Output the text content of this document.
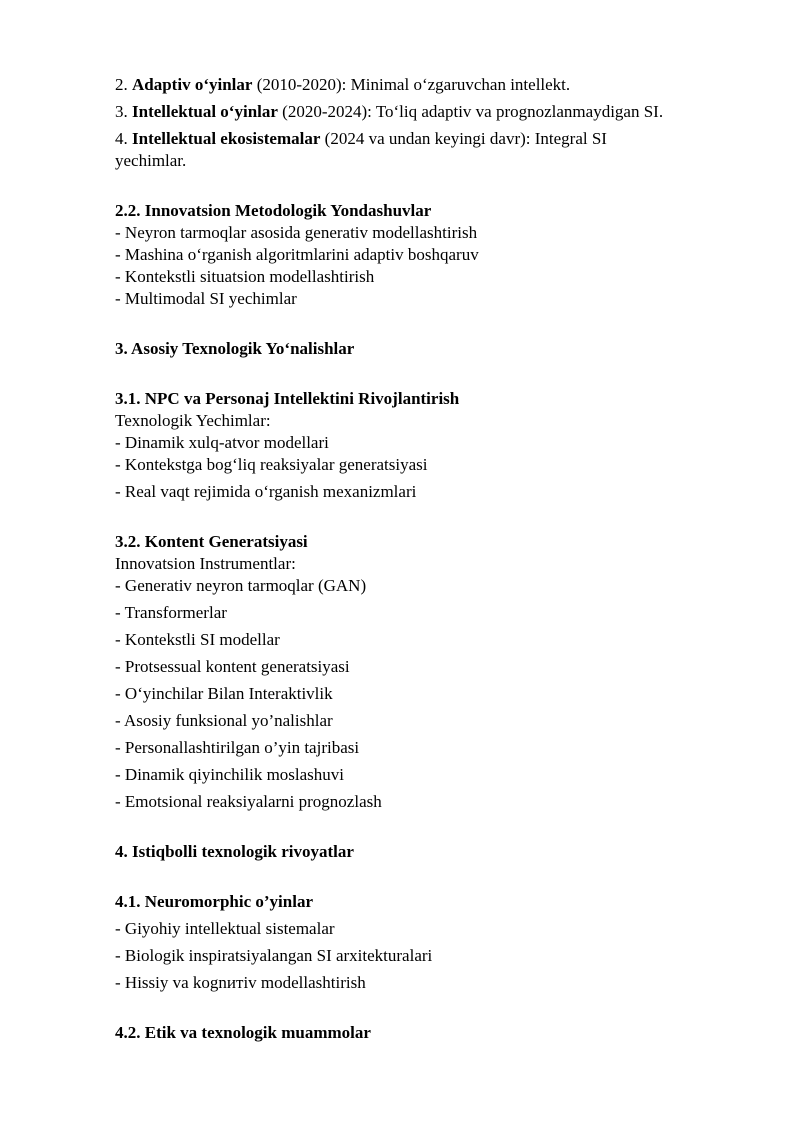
2. Adaptiv o‘yinlar (2010-2020): Minimal o‘zgaruvchan intellekt.
3. Intellektual o‘yinlar (2020-2024): To‘liq adaptiv va prognozlanmaydigan SI.
4. Intellektual ekosistemalar (2024 va undan keyingi davr): Integral SI
yechimlar.
2.2. Innovatsion Metodologik Yondashuvlar
- Neyron tarmoqlar asosida generativ modellashtirish
- Mashina o‘rganish algoritmlarini adaptiv boshqaruv
- Kontekstli situatsion modellashtirish
- Multimodal SI yechimlar
3. Asosiy Texnologik Yo‘nalishlar
3.1. NPC va Personaj Intellektini Rivojlantirish
Texnologik Yechimlar:
- Dinamik xulq-atvor modellari
- Kontekstga bog‘liq reaksiyalar generatsiyasi
- Real vaqt rejimida o‘rganish mexanizmlari
3.2. Kontent Generatsiyasi
Innovatsion Instrumentlar:
- Generativ neyron tarmoqlar (GAN)
- Transformerlar
- Kontekstli SI modellar
- Protsessual kontent generatsiyasi
- O‘yinchilar Bilan Interaktivlik
- Asosiy funksional yo’nalishlar
- Personallashtirilgan o’yin tajribasi
- Dinamik qiyinchilik moslashuvi
- Emotsional reaksiyalarni prognozlash
4. Istiqbolli texnologik rivoyatlar
4.1. Neuromorphic o’yinlar
- Giyohiy intellektual sistemalar
- Biologik inspiratsiyalangan SI arxitekturalari
- Hissiy va kognитiv modellashtirish
4.2. Etik va texnologik muammolar
